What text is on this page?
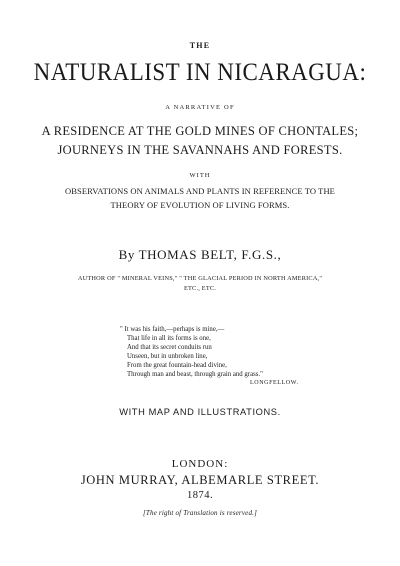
THE
NATURALIST IN NICARAGUA:
A NARRATIVE OF
A RESIDENCE AT THE GOLD MINES OF CHONTALES;
JOURNEYS IN THE SAVANNAHS AND FORESTS.
WITH
OBSERVATIONS ON ANIMALS AND PLANTS IN REFERENCE TO THE
THEORY OF EVOLUTION OF LIVING FORMS.
By THOMAS BELT, F.G.S.,
AUTHOR OF " MINERAL VEINS," " THE GLACIAL PERIOD IN NORTH AMERICA,"
ETC., ETC.
" It was his faith,—perhaps is mine,—
That life in all its forms is one,
And that its secret conduits run
Unseen, but in unbroken line,
From the great fountain-head divine,
Through man and beast, through grain and grass."
LONGFELLOW.
WITH MAP AND ILLUSTRATIONS.
LONDON:
JOHN MURRAY, ALBEMARLE STREET.
1874.
[The right of Translation is reserved.]
